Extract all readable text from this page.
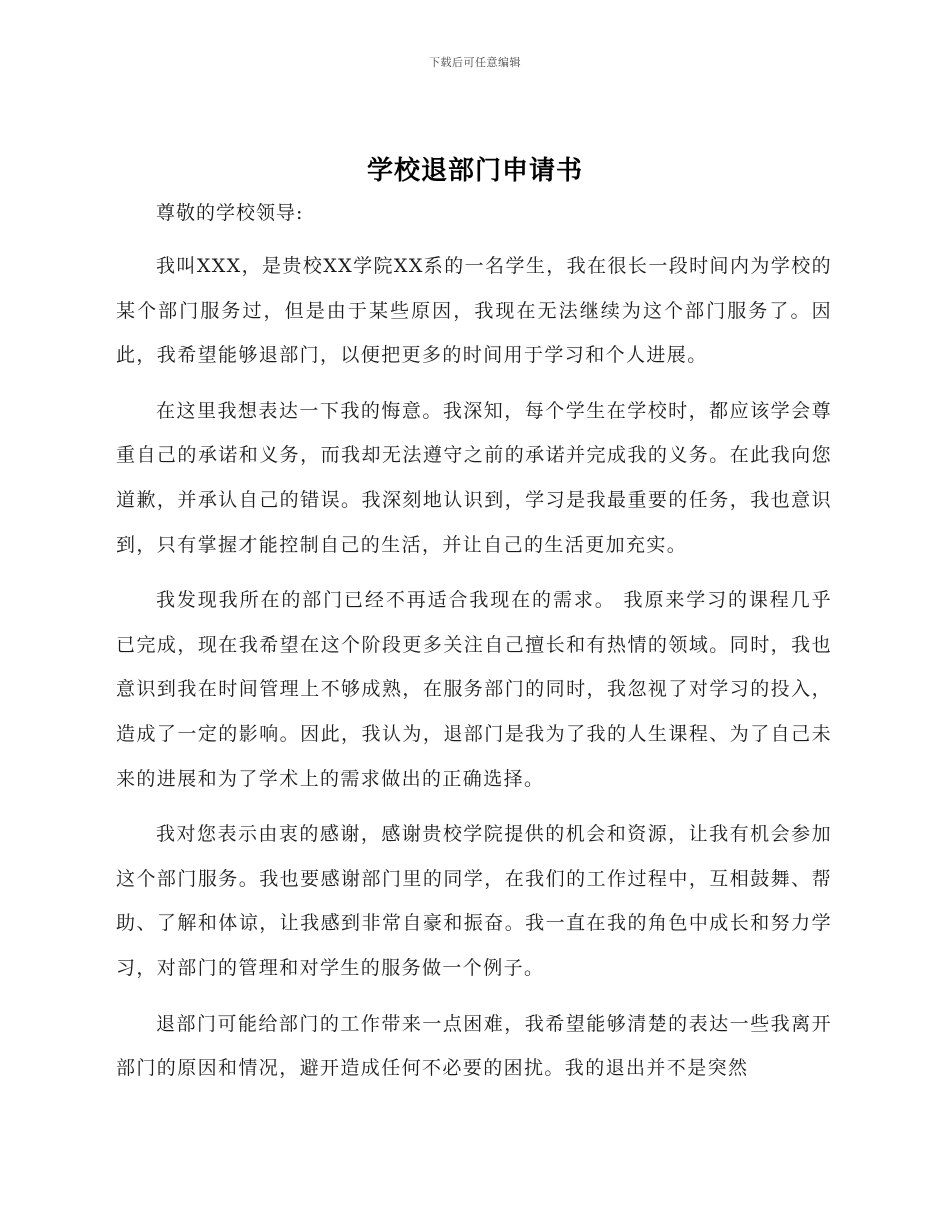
下载后可任意编辑
学校退部门申请书
尊敬的学校领导:

我叫XXX，是贵校XX学院XX系的一名学生，我在很长一段时间内为学校的某个部门服务过，但是由于某些原因，我现在无法继续为这个部门服务了。因此，我希望能够退部门，以便把更多的时间用于学习和个人进展。

在这里我想表达一下我的悔意。我深知，每个学生在学校时，都应该学会尊重自己的承诺和义务，而我却无法遵守之前的承诺并完成我的义务。在此我向您道歉，并承认自己的错误。我深刻地认识到，学习是我最重要的任务，我也意识到，只有掌握才能控制自己的生活，并让自己的生活更加充实。

我发现我所在的部门已经不再适合我现在的需求。 我原来学习的课程几乎已完成，现在我希望在这个阶段更多关注自己擅长和有热情的领域。同时，我也意识到我在时间管理上不够成熟，在服务部门的同时，我忽视了对学习的投入，造成了一定的影响。因此，我认为，退部门是我为了我的人生课程、为了自己未来的进展和为了学术上的需求做出的正确选择。

我对您表示由衷的感谢，感谢贵校学院提供的机会和资源，让我有机会参加这个部门服务。我也要感谢部门里的同学，在我们的工作过程中，互相鼓舞、帮助、了解和体谅，让我感到非常自豪和振奋。我一直在我的角色中成长和努力学习，对部门的管理和对学生的服务做一个例子。

退部门可能给部门的工作带来一点困难，我希望能够清楚的表达一些我离开部门的原因和情况，避开造成任何不必要的困扰。我的退出并不是突然
